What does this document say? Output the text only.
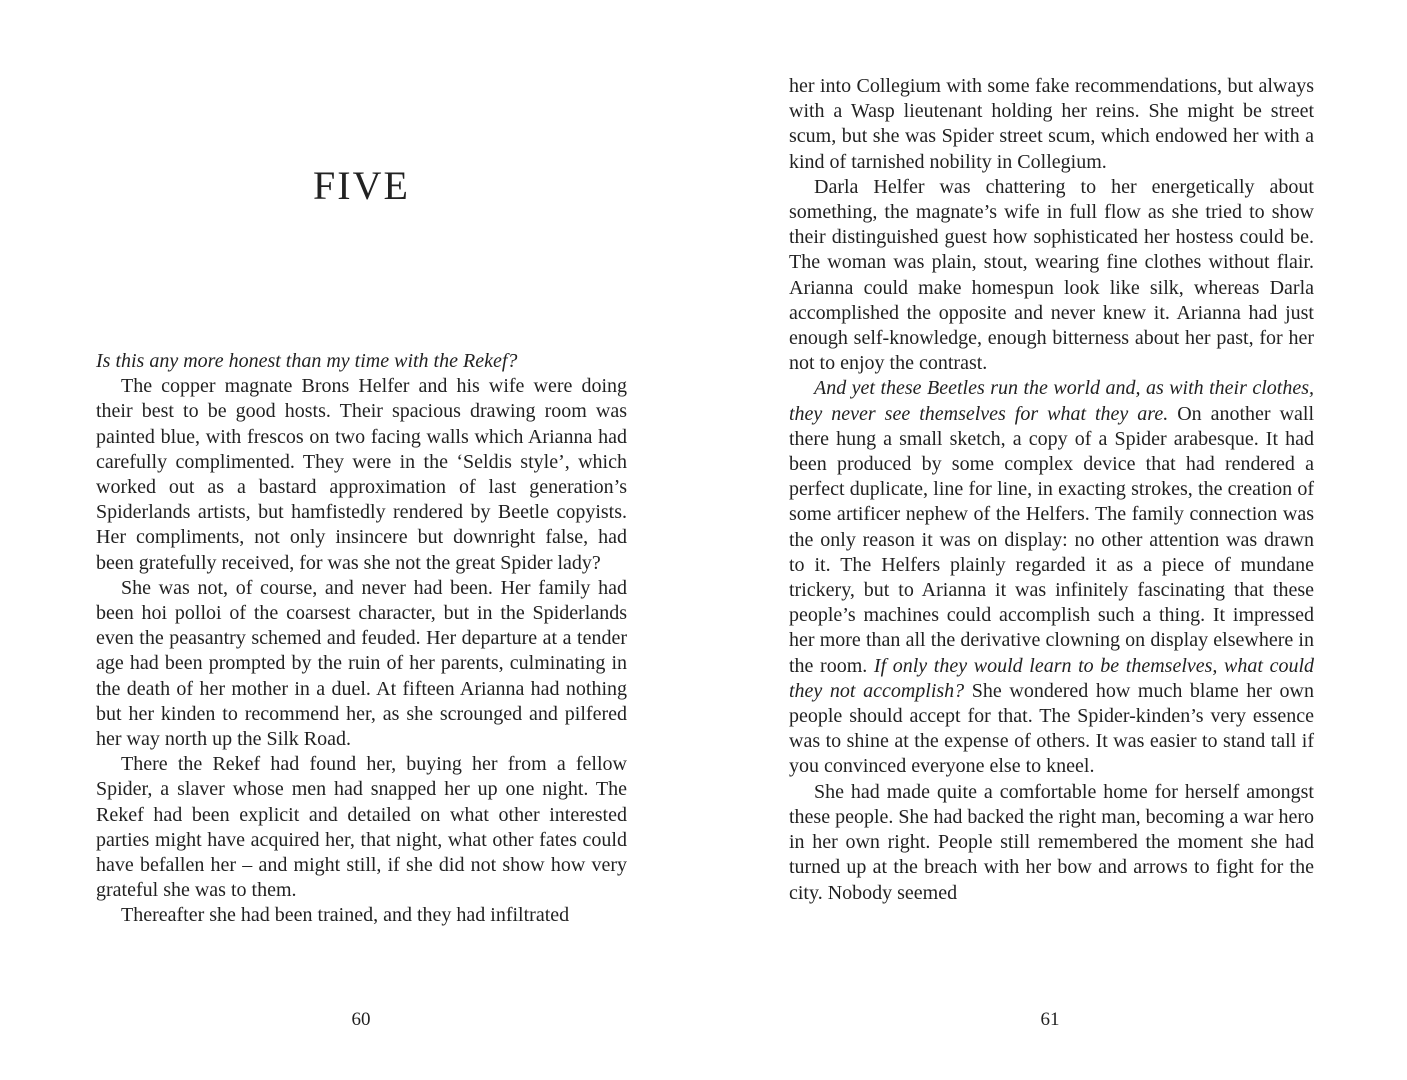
FIVE

Is this any more honest than my time with the Rekef?

The copper magnate Brons Helfer and his wife were doing their best to be good hosts. Their spacious drawing room was painted blue, with frescos on two facing walls which Arianna had carefully complimented. They were in the ‘Seldis style’, which worked out as a bastard approximation of last generation’s Spiderlands artists, but hamfistedly rendered by Beetle copyists. Her compliments, not only insincere but downright false, had been gratefully received, for was she not the great Spider lady?

She was not, of course, and never had been. Her family had been hoi polloi of the coarsest character, but in the Spiderlands even the peasantry schemed and feuded. Her departure at a tender age had been prompted by the ruin of her parents, culminating in the death of her mother in a duel. At fifteen Arianna had nothing but her kinden to recommend her, as she scrounged and pilfered her way north up the Silk Road.

There the Rekef had found her, buying her from a fellow Spider, a slaver whose men had snapped her up one night. The Rekef had been explicit and detailed on what other interested parties might have acquired her, that night, what other fates could have befallen her – and might still, if she did not show how very grateful she was to them.

Thereafter she had been trained, and they had infiltrated

60

her into Collegium with some fake recommendations, but always with a Wasp lieutenant holding her reins. She might be street scum, but she was Spider street scum, which endowed her with a kind of tarnished nobility in Collegium.

Darla Helfer was chattering to her energetically about something, the magnate’s wife in full flow as she tried to show their distinguished guest how sophisticated her hostess could be. The woman was plain, stout, wearing fine clothes without flair. Arianna could make homespun look like silk, whereas Darla accomplished the opposite and never knew it. Arianna had just enough self-knowledge, enough bitterness about her past, for her not to enjoy the contrast.

And yet these Beetles run the world and, as with their clothes, they never see themselves for what they are. On another wall there hung a small sketch, a copy of a Spider arabesque. It had been produced by some complex device that had rendered a perfect duplicate, line for line, in exacting strokes, the creation of some artificer nephew of the Helfers. The family connection was the only reason it was on display: no other attention was drawn to it. The Helfers plainly regarded it as a piece of mundane trickery, but to Arianna it was infinitely fascinating that these people’s machines could accomplish such a thing. It impressed her more than all the derivative clowning on display elsewhere in the room. If only they would learn to be themselves, what could they not accomplish? She wondered how much blame her own people should accept for that. The Spider-kinden’s very essence was to shine at the expense of others. It was easier to stand tall if you convinced everyone else to kneel.

She had made quite a comfortable home for herself amongst these people. She had backed the right man, becoming a war hero in her own right. People still remembered the moment she had turned up at the breach with her bow and arrows to fight for the city. Nobody seemed

61
